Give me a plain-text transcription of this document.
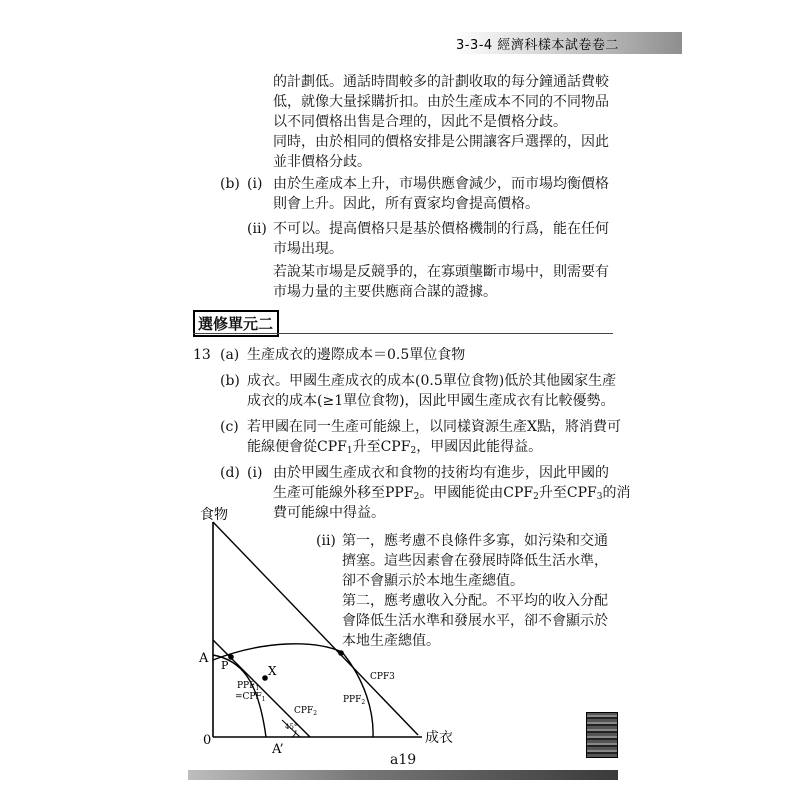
3-3-4 經濟科樣本試卷卷二
的計劃低。通話時間較多的計劃收取的每分鐘通話費較
低，就像大量採購折扣。由於生產成本不同的不同物品
以不同價格出售是合理的，因此不是價格分歧。
同時，由於相同的價格安排是公開讓客戶選擇的，因此
並非價格分歧。
(b) (i) 由於生產成本上升，市場供應會減少，而市場均衡價格
則會上升。因此，所有賣家均會提高價格。
(ii) 不可以。提高價格只是基於價格機制的行爲，能在任何
市場出現。
若說某市場是反競爭的，在寡頭壟斷市場中，則需要有
市場力量的主要供應商合謀的證據。
選修單元二
13 (a) 生產成衣的邊際成本＝0.5單位食物
(b) 成衣。甲國生產成衣的成本(0.5單位食物)低於其他國家生產
成衣的成本(≥1單位食物)，因此甲國生產成衣有比較優勢。
(c) 若甲國在同一生產可能線上，以同樣資源生產X點，將消費可
能線便會從$CPF_1$升至$CPF_2$，甲國因此能得益。
(d) (i) 由於甲國生產成衣和食物的技術均有進步，因此甲國的
生產可能線外移至$PPF_2$。甲國能從由$CPF_2$升至$CPF_3$的消
費可能線中得益。
(ii) 第一，應考慮不良條件多寡，如污染和交通
擠塞。這些因素會在發展時降低生活水準，
卻不會顯示於本地生產總值。
第二，應考慮收入分配。不平均的收入分配
會降低生活水準和發展水平，卻不會顯示於
本地生產總值。
食物
成衣
0
A
A’
P	X
$PPF_1$
$=CPF_1$
$CPF_2$
$PPF_2$
CPF3
45°
a19
